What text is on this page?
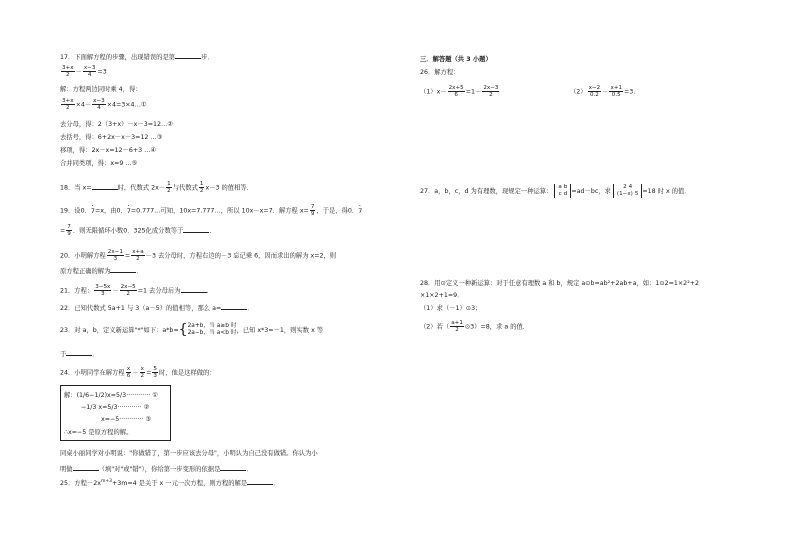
17．下面解方程的步骤，出现错误的是第	步．
$\frac{3+x}{2} - \frac{x-3}{4} =3$
解：方程两边同时乘 4，得：
$\frac{3+x}{2} \times 4- \frac{x-3}{4}$ ×4=3×4…①
去分母，得：2（3+x）－x－3=12…②
去括号，得：6+2x－x－3=12 …③
移项，得：2x－x=12－6+3 …④
合并同类项，得：x=9 …⑤
18．当 x=	时，代数式 $2x- \frac{1}{2}$ 与代数式 $\frac{1}{2} x-3$ 的值相等．
19．设0．· 7=x，由0．· 7=0.777…可知，10x=7.777…，所以 10x－x=7．解方程 $x= \frac{7}{9}$ ，于是，得0．· 7
= $\frac{7}{9}$ ．则无限循环小数0．325化成分数等于	．
20．小明解方程 $\frac{2x-1}{3} = \frac{x+a}{2} -3$ 去分母时，方程右边的－3 忘记乘 6，因而求出的解为 x=2，则
原方程正确的解为	．
21．方程： $\frac{3-5x}{3} - \frac{2x-5}{2} =1$ 去分母后为	．
22．已知代数式 5a+1 与 3（a－5）的值相等，那么 a=	．
23．对 a，b，定义新运算"*"如下：a*b={ 2a+b，当 a≥b 时
2a−b，当 a<b 时 ，已知 x*3=－1，则实数 x 等
于	．
24．小明同学在解方程 $\frac{x}{6} - \frac{x}{2} = \frac{5}{3}$ 时，他是这样做的：
解：(1/6−1/2)x=5/3············ ①
−1/3 x=5/3············ ②
x=−5············ ③
∴x=−5 是原方程的解。
同桌小丽同学对小明说："你做错了，第一步应该去分母"，小明认为自己没有做错。你认为小
明做	（填"对"或"错"），你给第一步变形的依据是	．
25．方程$-2x^{m+3}+3m=4$ 是关于 x 一元一次方程，则方程的解是	．
三．解答题（共 3 小题）
26．解方程：
$(1)x- \frac{2x+5}{6} =1- \frac{2x-3}{2}$	$(2) \frac{x-2}{0.2} - \frac{x+1}{0.5} =3$.
27．a，b，c，d 为有理数，现规定一种运算： a b
c d =ad－bc，求 2 4
(1−x) 5 =18 时 x 的值．
28．用⊙定义一种新运算：对于任意有理数 a 和 b，规定 a⊙b=ab²+2ab+a，如：1⊙2=1×2²+2
×1×2+1=9．
（1）求（－1）⊙3；
（2）若（ $\frac{a+1}{2}$ ⊙3）=8，求 a 的值．
